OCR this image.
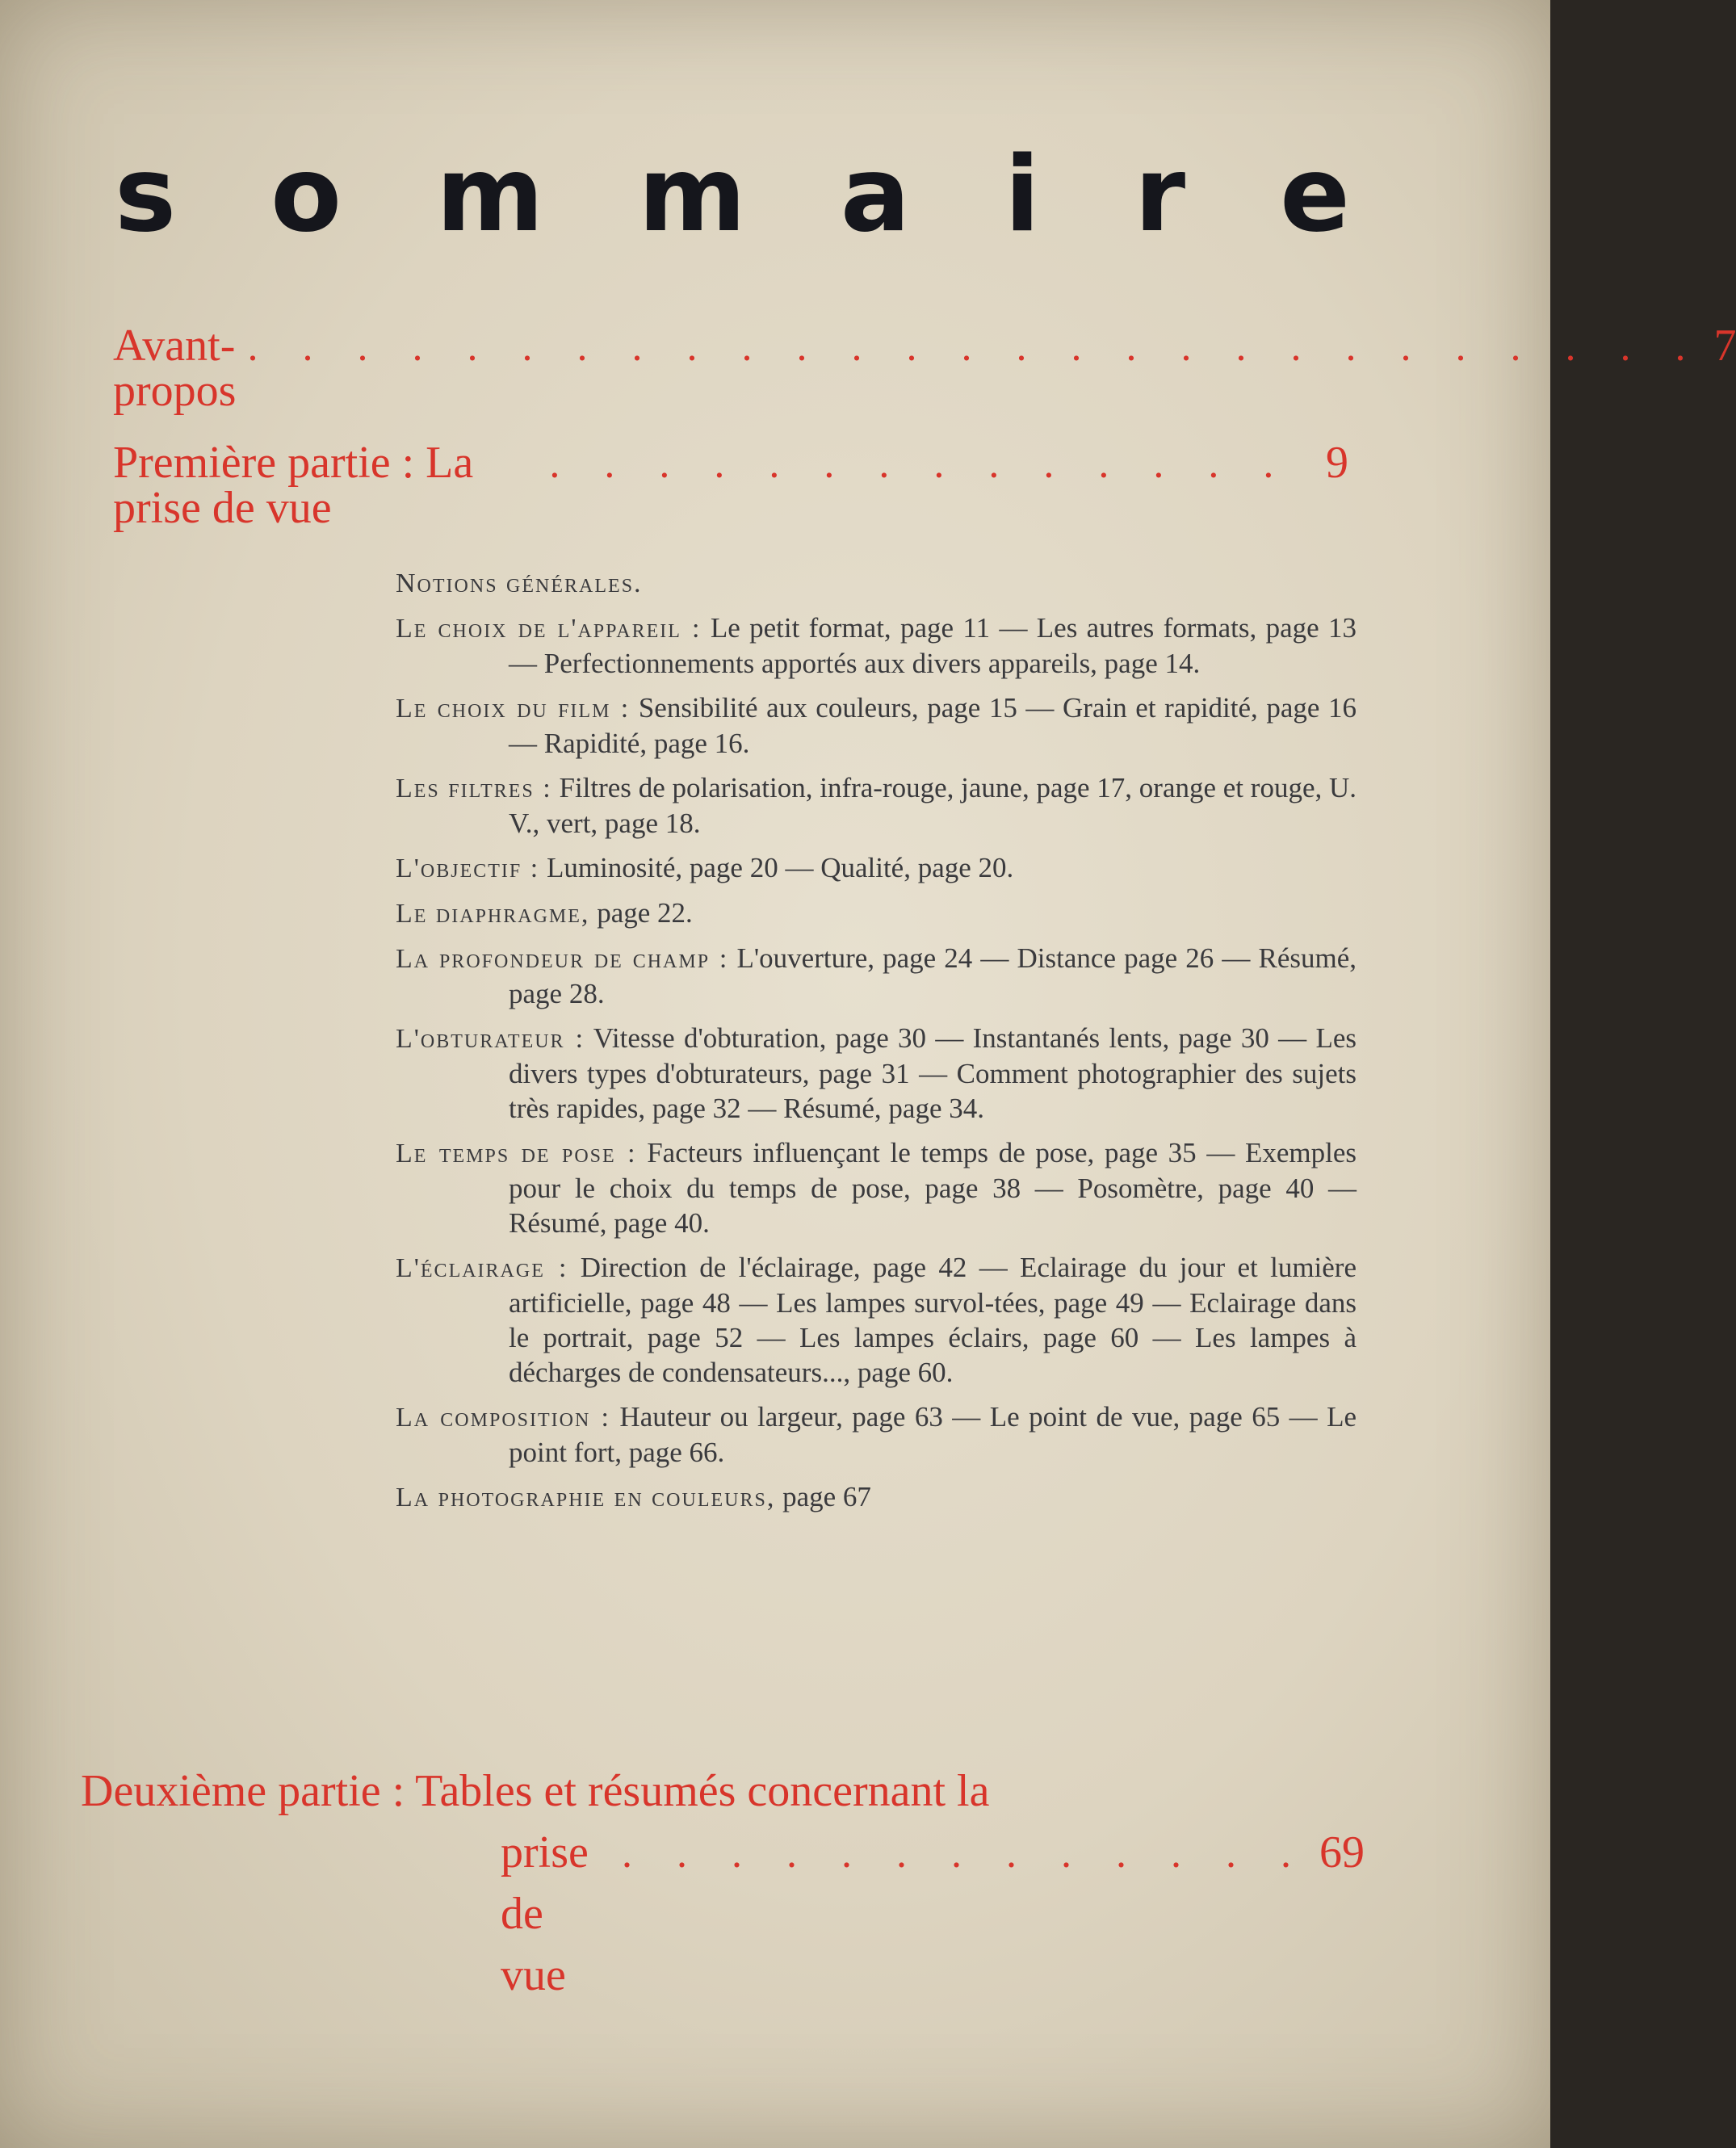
s o m m a i r e
Avant-propos
. . . . . . . . . . . . . . . . . . . . . . . . . . . 7
Première partie : La prise de vue
. . . . . . . . . . . . . . 9
Notions générales.
Le choix de l'appareil : Le petit format, page 11 — Les autres formats, page 13 — Perfectionnements apportés aux divers appareils, page 14.
Le choix du film : Sensibilité aux couleurs, page 15 — Grain et rapidité, page 16 — Rapidité, page 16.
Les filtres : Filtres de polarisation, infra-rouge, jaune, page 17, orange et rouge, U. V., vert, page 18.
L'objectif : Luminosité, page 20 — Qualité, page 20.
Le diaphragme, page 22.
La profondeur de champ : L'ouverture, page 24 — Distance page 26 — Résumé, page 28.
L'obturateur : Vitesse d'obturation, page 30 — Instantanés lents, page 30 — Les divers types d'obturateurs, page 31 — Comment photographier des sujets très rapides, page 32 — Résumé, page 34.
Le temps de pose : Facteurs influençant le temps de pose, page 35 — Exemples pour le choix du temps de pose, page 38 — Posomètre, page 40 — Résumé, page 40.
L'éclairage : Direction de l'éclairage, page 42 — Eclairage du jour et lumière artificielle, page 48 — Les lampes survol-tées, page 49 — Eclairage dans le portrait, page 52 — Les lampes éclairs, page 60 — Les lampes à décharges de condensateurs..., page 60.
La composition : Hauteur ou largeur, page 63 — Le point de vue, page 65 — Le point fort, page 66.
La photographie en couleurs, page 67
Deuxième partie : Tables et résumés concernant la
prise de vue
. . . . . . . . . . . . . 69
